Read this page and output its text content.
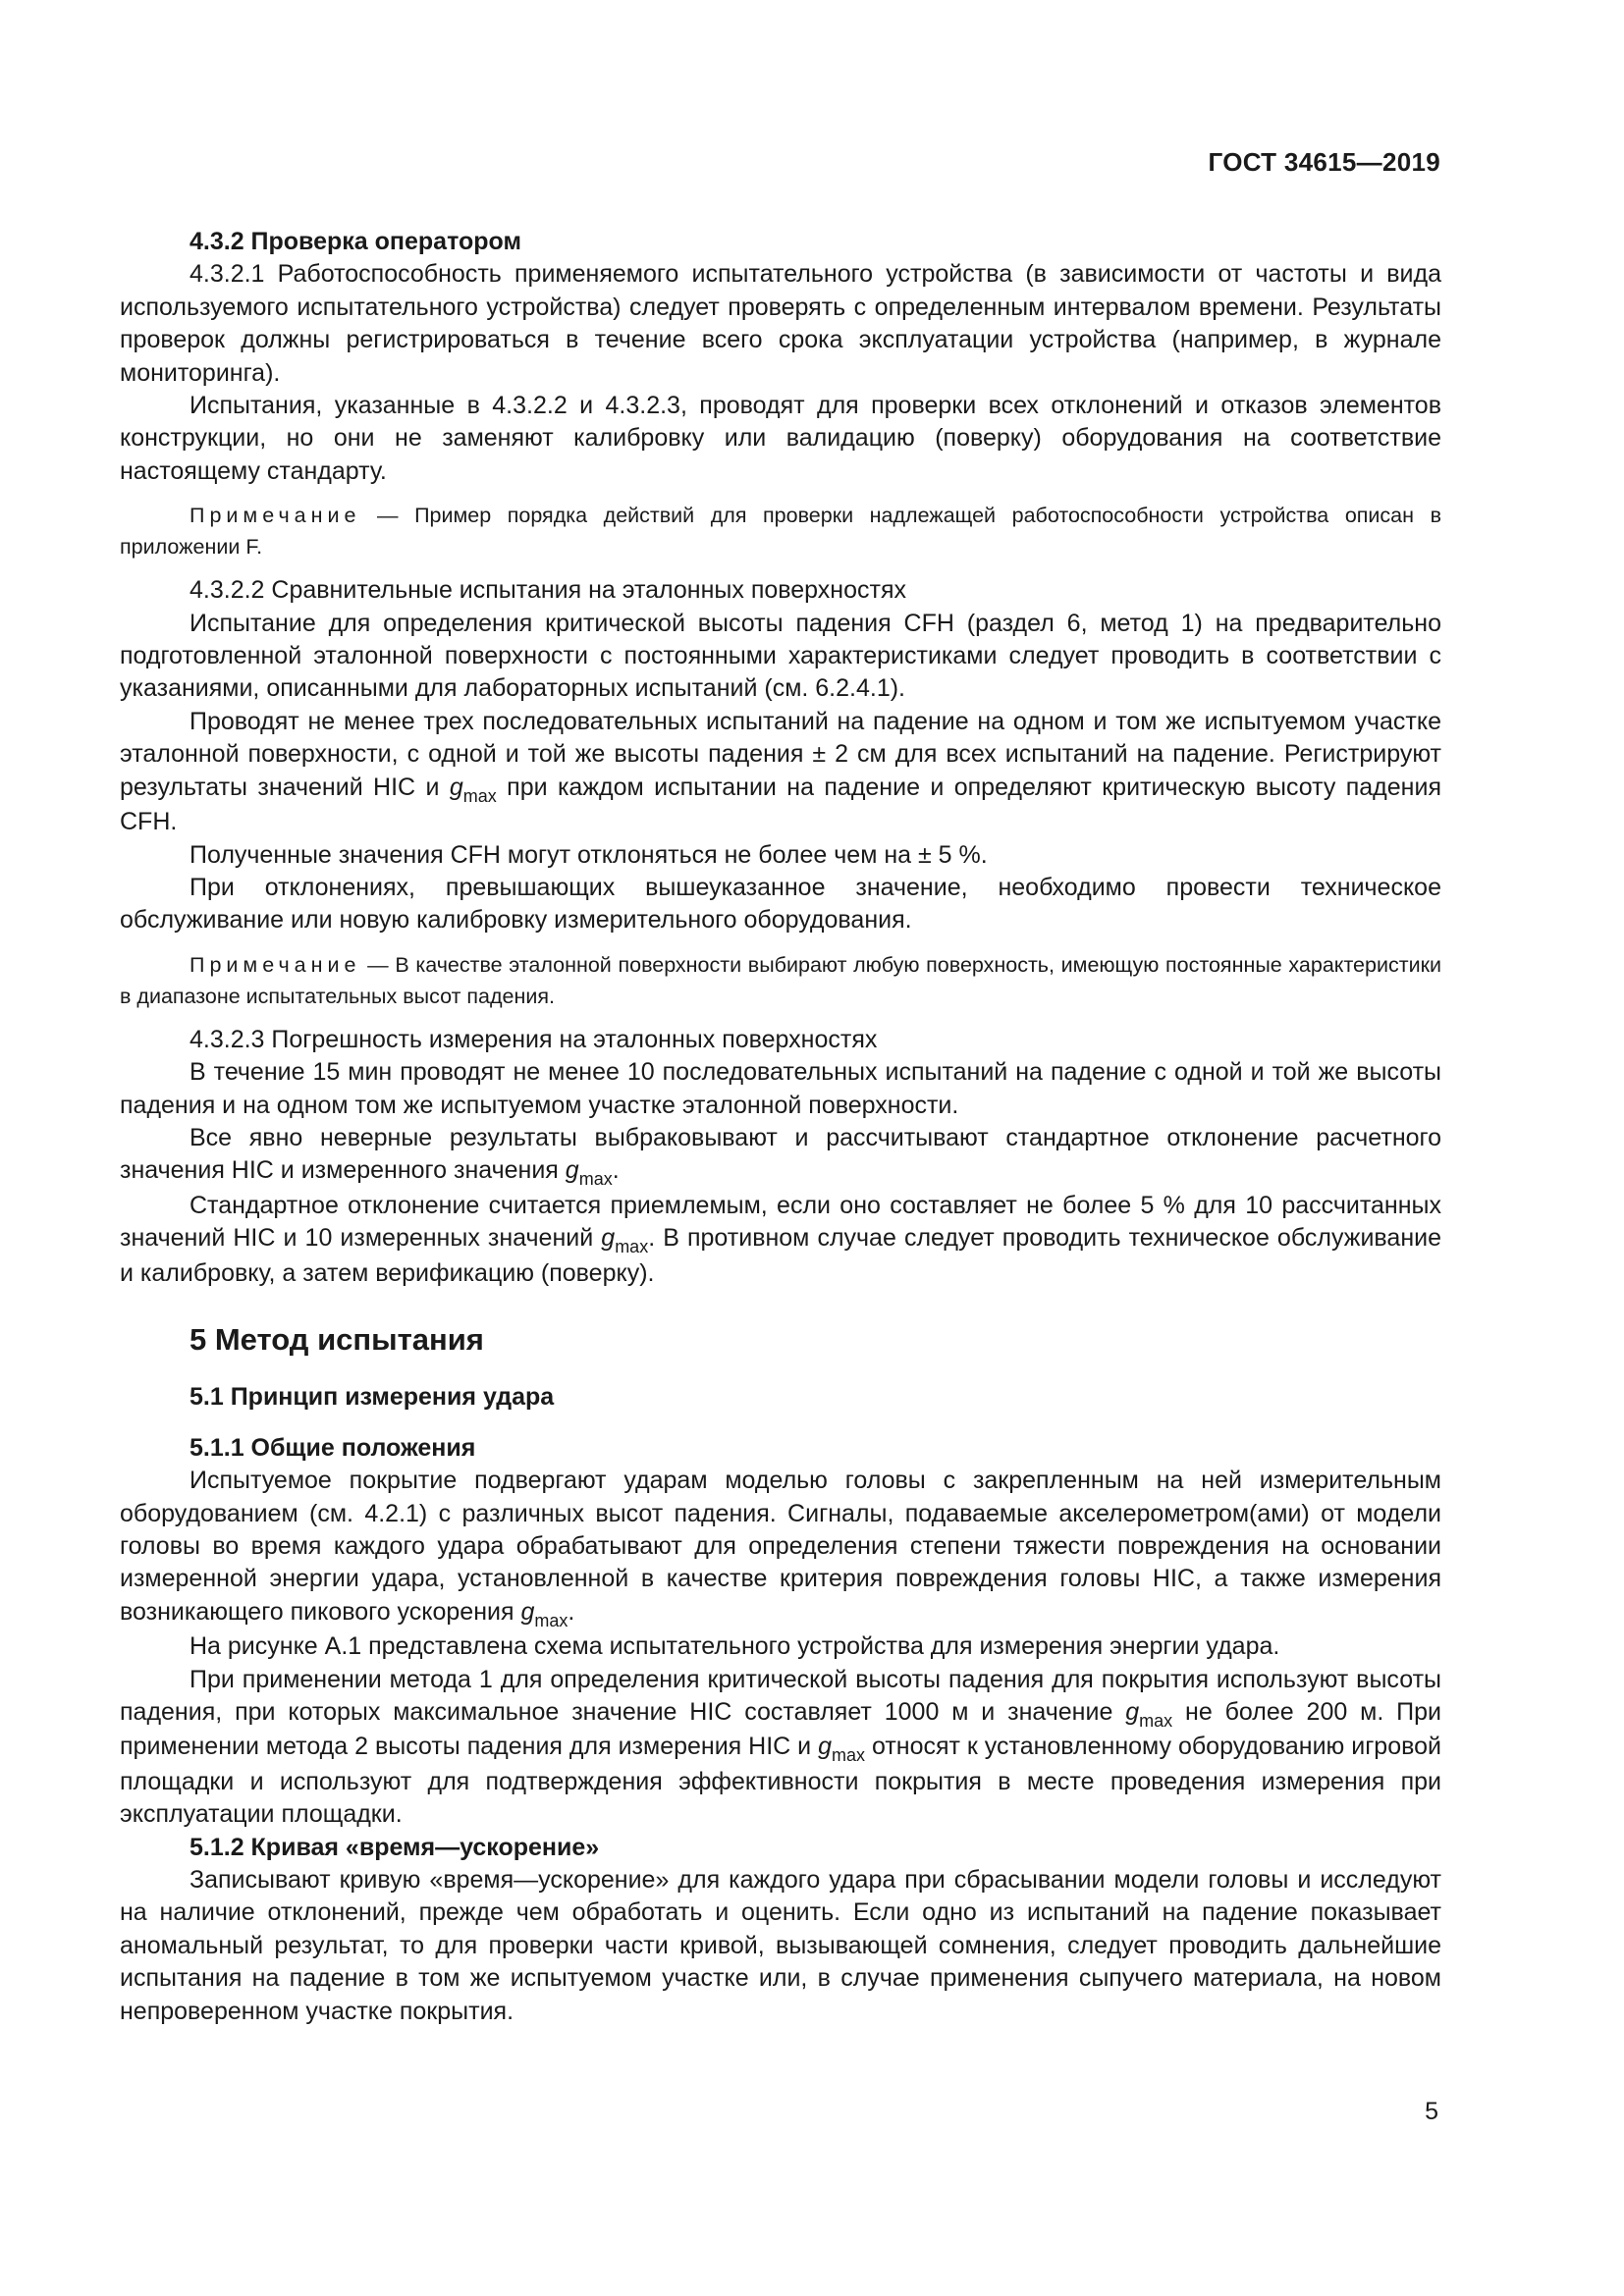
ГОСТ 34615—2019

4.3.2 Проверка оператором

4.3.2.1 Работоспособность применяемого испытательного устройства (в зависимости от частоты и вида используемого испытательного устройства) следует проверять с определенным интервалом времени. Результаты проверок должны регистрироваться в течение всего срока эксплуатации устройства (например, в журнале мониторинга).

Испытания, указанные в 4.3.2.2 и 4.3.2.3, проводят для проверки всех отклонений и отказов элементов конструкции, но они не заменяют калибровку или валидацию (поверку) оборудования на соответствие настоящему стандарту.

Примечание — Пример порядка действий для проверки надлежащей работоспособности устройства описан в приложении F.

4.3.2.2 Сравнительные испытания на эталонных поверхностях

Испытание для определения критической высоты падения CFH (раздел 6, метод 1) на предварительно подготовленной эталонной поверхности с постоянными характеристиками следует проводить в соответствии с указаниями, описанными для лабораторных испытаний (см. 6.2.4.1).

Проводят не менее трех последовательных испытаний на падение на одном и том же испытуемом участке эталонной поверхности, с одной и той же высоты падения ± 2 см для всех испытаний на падение. Регистрируют результаты значений HIC и $g_{max}$ при каждом испытании на падение и определяют критическую высоту падения CFH.

Полученные значения CFH могут отклоняться не более чем на ± 5 %.

При отклонениях, превышающих вышеуказанное значение, необходимо провести техническое обслуживание или новую калибровку измерительного оборудования.

Примечание — В качестве эталонной поверхности выбирают любую поверхность, имеющую постоянные характеристики в диапазоне испытательных высот падения.

4.3.2.3 Погрешность измерения на эталонных поверхностях

В течение 15 мин проводят не менее 10 последовательных испытаний на падение с одной и той же высоты падения и на одном том же испытуемом участке эталонной поверхности.

Все явно неверные результаты выбраковывают и рассчитывают стандартное отклонение расчетного значения HIC и измеренного значения $g_{max}$.

Стандартное отклонение считается приемлемым, если оно составляет не более 5 % для 10 рассчитанных значений HIC и 10 измеренных значений $g_{max}$. В противном случае следует проводить техническое обслуживание и калибровку, а затем верификацию (поверку).

5 Метод испытания

5.1 Принцип измерения удара

5.1.1 Общие положения

Испытуемое покрытие подвергают ударам моделью головы с закрепленным на ней измерительным оборудованием (см. 4.2.1) с различных высот падения. Сигналы, подаваемые акселерометром(ами) от модели головы во время каждого удара обрабатывают для определения степени тяжести повреждения на основании измеренной энергии удара, установленной в качестве критерия повреждения головы HIC, а также измерения возникающего пикового ускорения $g_{max}$.

На рисунке А.1 представлена схема испытательного устройства для измерения энергии удара.

При применении метода 1 для определения критической высоты падения для покрытия используют высоты падения, при которых максимальное значение HIC составляет 1000 м и значение $g_{max}$ не более 200 м. При применении метода 2 высоты падения для измерения HIC и $g_{max}$ относят к установленному оборудованию игровой площадки и используют для подтверждения эффективности покрытия в месте проведения измерения при эксплуатации площадки.

5.1.2 Кривая «время—ускорение»

Записывают кривую «время—ускорение» для каждого удара при сбрасывании модели головы и исследуют на наличие отклонений, прежде чем обработать и оценить. Если одно из испытаний на падение показывает аномальный результат, то для проверки части кривой, вызывающей сомнения, следует проводить дальнейшие испытания на падение в том же испытуемом участке или, в случае применения сыпучего материала, на новом непроверенном участке покрытия.

5
